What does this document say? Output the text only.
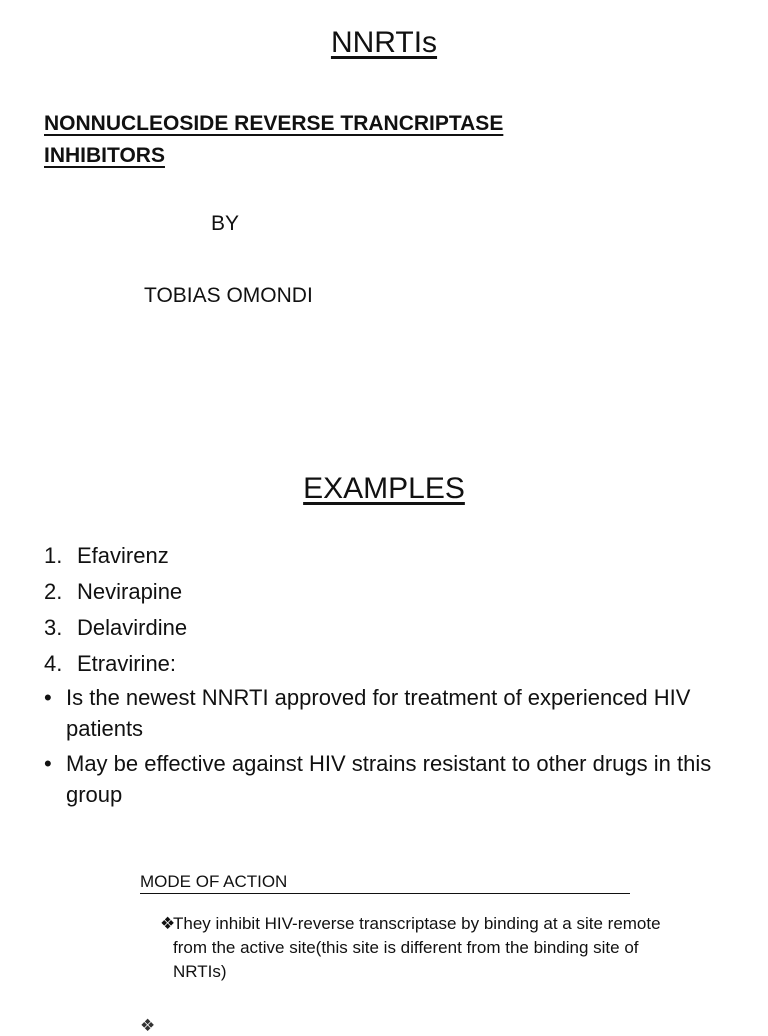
NNRTIs
NONNUCLEOSIDE REVERSE TRANCRIPTASE
INHIBITORS
BY
TOBIAS OMONDI
EXAMPLES
1. Efavirenz
2. Nevirapine
3. Delavirdine
4. Etravirine:
• Is the newest NNRTI approved for treatment of experienced HIV patients
• May be effective against HIV strains resistant to other drugs in this group
MODE OF ACTION
❖
They inhibit HIV-reverse transcriptase by binding at a site remote from the active site(this site is different from the binding site of NRTIs)
❖
